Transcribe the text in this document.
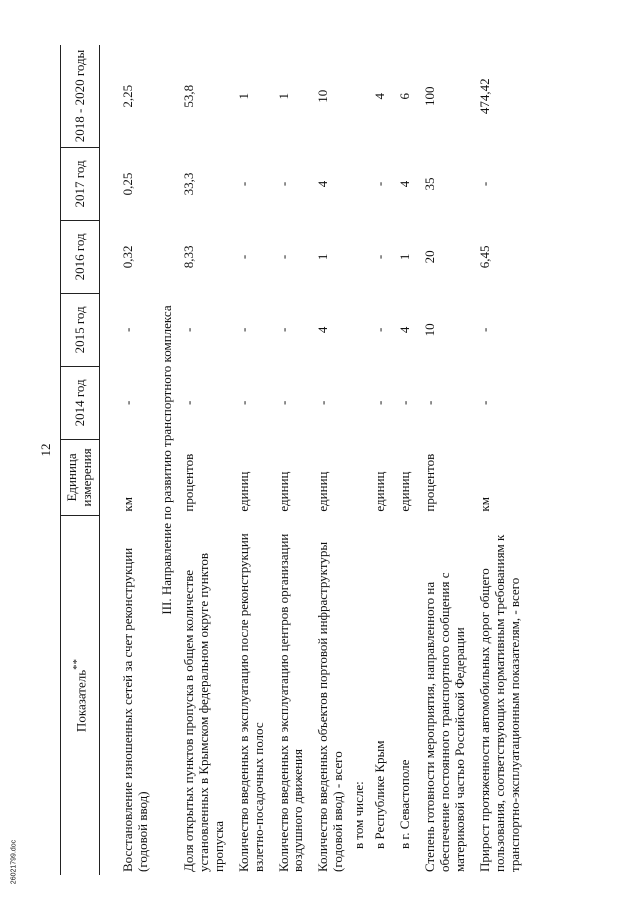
12
Показатель**	Единица измерения	2014 год	2015 год	2016 год	2017 год	2018 - 2020 годы

Восстановление изношенных сетей за счет реконструкции (годовой ввод)	км	-	-	0,32	0,25	2,25
III. Направление по развитию транспортного комплекса						
Доля открытых пунктов пропуска в общем количестве установленных в Крымском федеральном округе пунктов пропуска	процентов	-	-	8,33	33,3	53,8
Количество введенных в эксплуатацию после реконструкции взлетно-посадочных полос	единиц	-	-	-	-	1
Количество введенных в эксплуатацию центров организации воздушного движения	единиц	-	-	-	-	1
Количество введенных объектов портовой инфраструктуры (годовой ввод) - всего	единиц	-	4	1	4	10
в том числе:						
в Республике Крым	единиц	-	-	-	-	4
в г. Севастополе	единиц	-	4	1	4	6
Степень готовности мероприятия, направленного на обеспечение постоянного транспортного сообщения с материковой частью Российской Федерации	процентов	-	10	20	35	100
Прирост протяженности автомобильных дорог общего пользования, соответствующих нормативным требованиям к транспортно-эксплуатационным показателям, - всего	км	-	-	6,45	-	474,42
26021799.doc
